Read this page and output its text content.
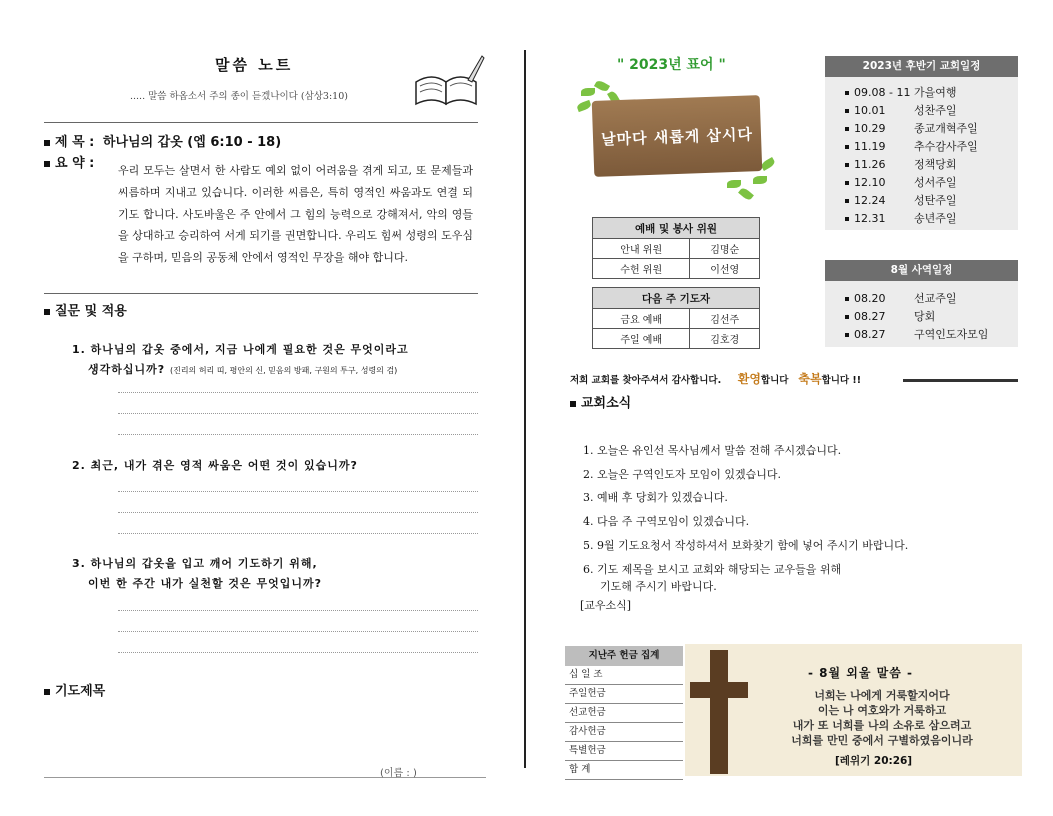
말씀 노트
..... 말씀 하옵소서 주의 종이 듣겠나이다 (삼상3:10)
제 목 : 하나님의 갑옷 (엡 6:10 - 18)
요 약 : 우리 모두는 살면서 한 사람도 예외 없이 어려움을 겪게 되고, 또 문제들과 씨름하며 지내고 있습니다. 이러한 씨름은, 특히 영적인 싸움과도 연결 되기도 합니다. 사도바울은 주 안에서 그 힘의 능력으로 강해져서, 악의 영들을 상대하고 승리하여 서게 되기를 권면합니다. 우리도 힘써 성령의 도우심을 구하며, 믿음의 공동체 안에서 영적인 무장을 해야 합니다.
질문 및 적용
1. 하나님의 갑옷 중에서, 지금 나에게 필요한 것은 무엇이라고
생각하십니까? (진리의 허리 띠, 평안의 신, 믿음의 방패, 구원의 투구, 성령의 검)
2. 최근, 내가 겪은 영적 싸움은 어떤 것이 있습니까?
3. 하나님의 갑옷을 입고 깨어 기도하기 위해,
이번 한 주간 내가 실천할 것은 무엇입니까?
기도제목
(이름 : )
" 2023년 표어 "
날마다 새롭게 삽시다
예배 및 봉사 위원	
안내 위원	김명순
수헌 위원	이선영
다음 주 기도자	
금요 예배	김선주
주일 예배	김호경
2023년 후반기 교회일정
09.08 - 11 가을여행
10.01	성찬주일
10.29	종교개혁주일
11.19	추수감사주일
11.26	정책당회
12.10	성서주일
12.24	성탄주일
12.31	송년주일
8월 사역일정
08.20	선교주일
08.27	당회
08.27	구역인도자모임
저희 교회를 찾아주셔서 감사합니다. 환영합니다 축복합니다 !!
교회소식
1. 오늘은 유인선 목사님께서 말씀 전해 주시겠습니다.
2. 오늘은 구역인도자 모임이 있겠습니다.
3. 예배 후 당회가 있겠습니다.
4. 다음 주 구역모임이 있겠습니다.
5. 9월 기도요청서 작성하셔서 보화찾기 함에 넣어 주시기 바랍니다.
6. 기도 제목을 보시고 교회와 해당되는 교우들을 위해
기도해 주시기 바랍니다.
[교우소식]
지난주 헌금 집계
십 일 조
주일헌금
선교헌금
감사헌금
특별헌금
합 계
- 8월 외울 말씀 -
너희는 나에게 거룩할지어다
이는 나 여호와가 거룩하고
내가 또 너희를 나의 소유로 삼으려고
너희를 만민 중에서 구별하였음이니라
[레위기 20:26]
